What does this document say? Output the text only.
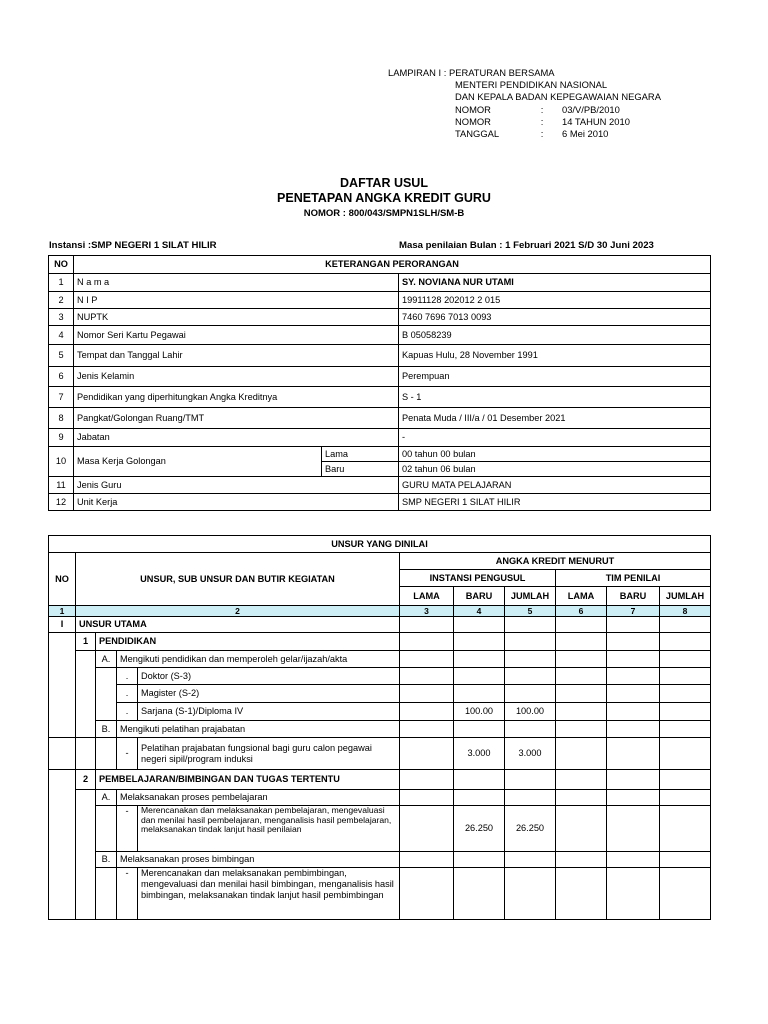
LAMPIRAN I : PERATURAN BERSAMA
MENTERI PENDIDIKAN NASIONAL
DAN KEPALA BADAN KEPEGAWAIAN NEGARA
NOMOR	:	03/V/PB/2010
NOMOR	:	14 TAHUN 2010
TANGGAL	:	6 Mei 2010
DAFTAR USUL
PENETAPAN ANGKA KREDIT GURU
NOMOR : 800/043/SMPN1SLH/SM-B
Instansi :SMP NEGERI 1 SILAT HILIR	Masa penilaian Bulan : 1 Februari 2021 S/D 30 Juni 2023
NO	KETERANGAN PERORANGAN		
1	N a m a		SY. NOVIANA NUR UTAMI
2	N I P		19911128 202012 2 015
3	NUPTK		7460 7696 7013 0093
4	Nomor Seri Kartu Pegawai		B 05058239
5	Tempat dan Tanggal Lahir		Kapuas Hulu, 28 November 1991
6	Jenis Kelamin		Perempuan
7	Pendidikan yang diperhitungkan Angka Kreditnya		S - 1
8	Pangkat/Golongan Ruang/TMT		Penata Muda / III/a / 01 Desember 2021
9	Jabatan		-
10	Masa Kerja Golongan	Lama	00 tahun 00 bulan
		Baru	02 tahun 06 bulan
11	Jenis Guru		GURU MATA PELAJARAN
12	Unit Kerja		SMP NEGERI 1 SILAT HILIR
UNSUR YANG DINILAI										
NO	UNSUR, SUB UNSUR DAN BUTIR KEGIATAN				ANGKA KREDIT MENURUT					
					INSTANSI PENGUSUL			TIM PENILAI		
					LAMA	BARU	JUMLAH	LAMA	BARU	JUMLAH
1	2				3	4	5	6	7	8
I	UNSUR UTAMA									
	1	PENDIDIKAN								
		A.	Mengikuti pendidikan dan memperoleh gelar/ijazah/akta							
			.	Doktor (S-3)						
			.	Magister (S-2)						
			.	Sarjana (S-1)/Diploma IV		100.00	100.00			
		B.	Mengikuti pelatihan prajabatan							
			-	Pelatihan prajabatan fungsional bagi guru calon pegawai negeri sipil/program induksi		3.000	3.000			
	2	PEMBELAJARAN/BIMBINGAN DAN TUGAS TERTENTU								
		A.	Melaksanakan proses pembelajaran							
			-	Merencanakan dan melaksanakan pembelajaran, mengevaluasi dan menilai hasil pembelajaran, menganalisis hasil pembelajaran, melaksanakan tindak lanjut hasil penilaian		26.250	26.250			
		B.	Melaksanakan proses bimbingan							
			-	Merencanakan dan melaksanakan pembimbingan, mengevaluasi dan menilai hasil bimbingan, menganalisis hasil bimbingan, melaksanakan tindak lanjut hasil pembimbingan						
